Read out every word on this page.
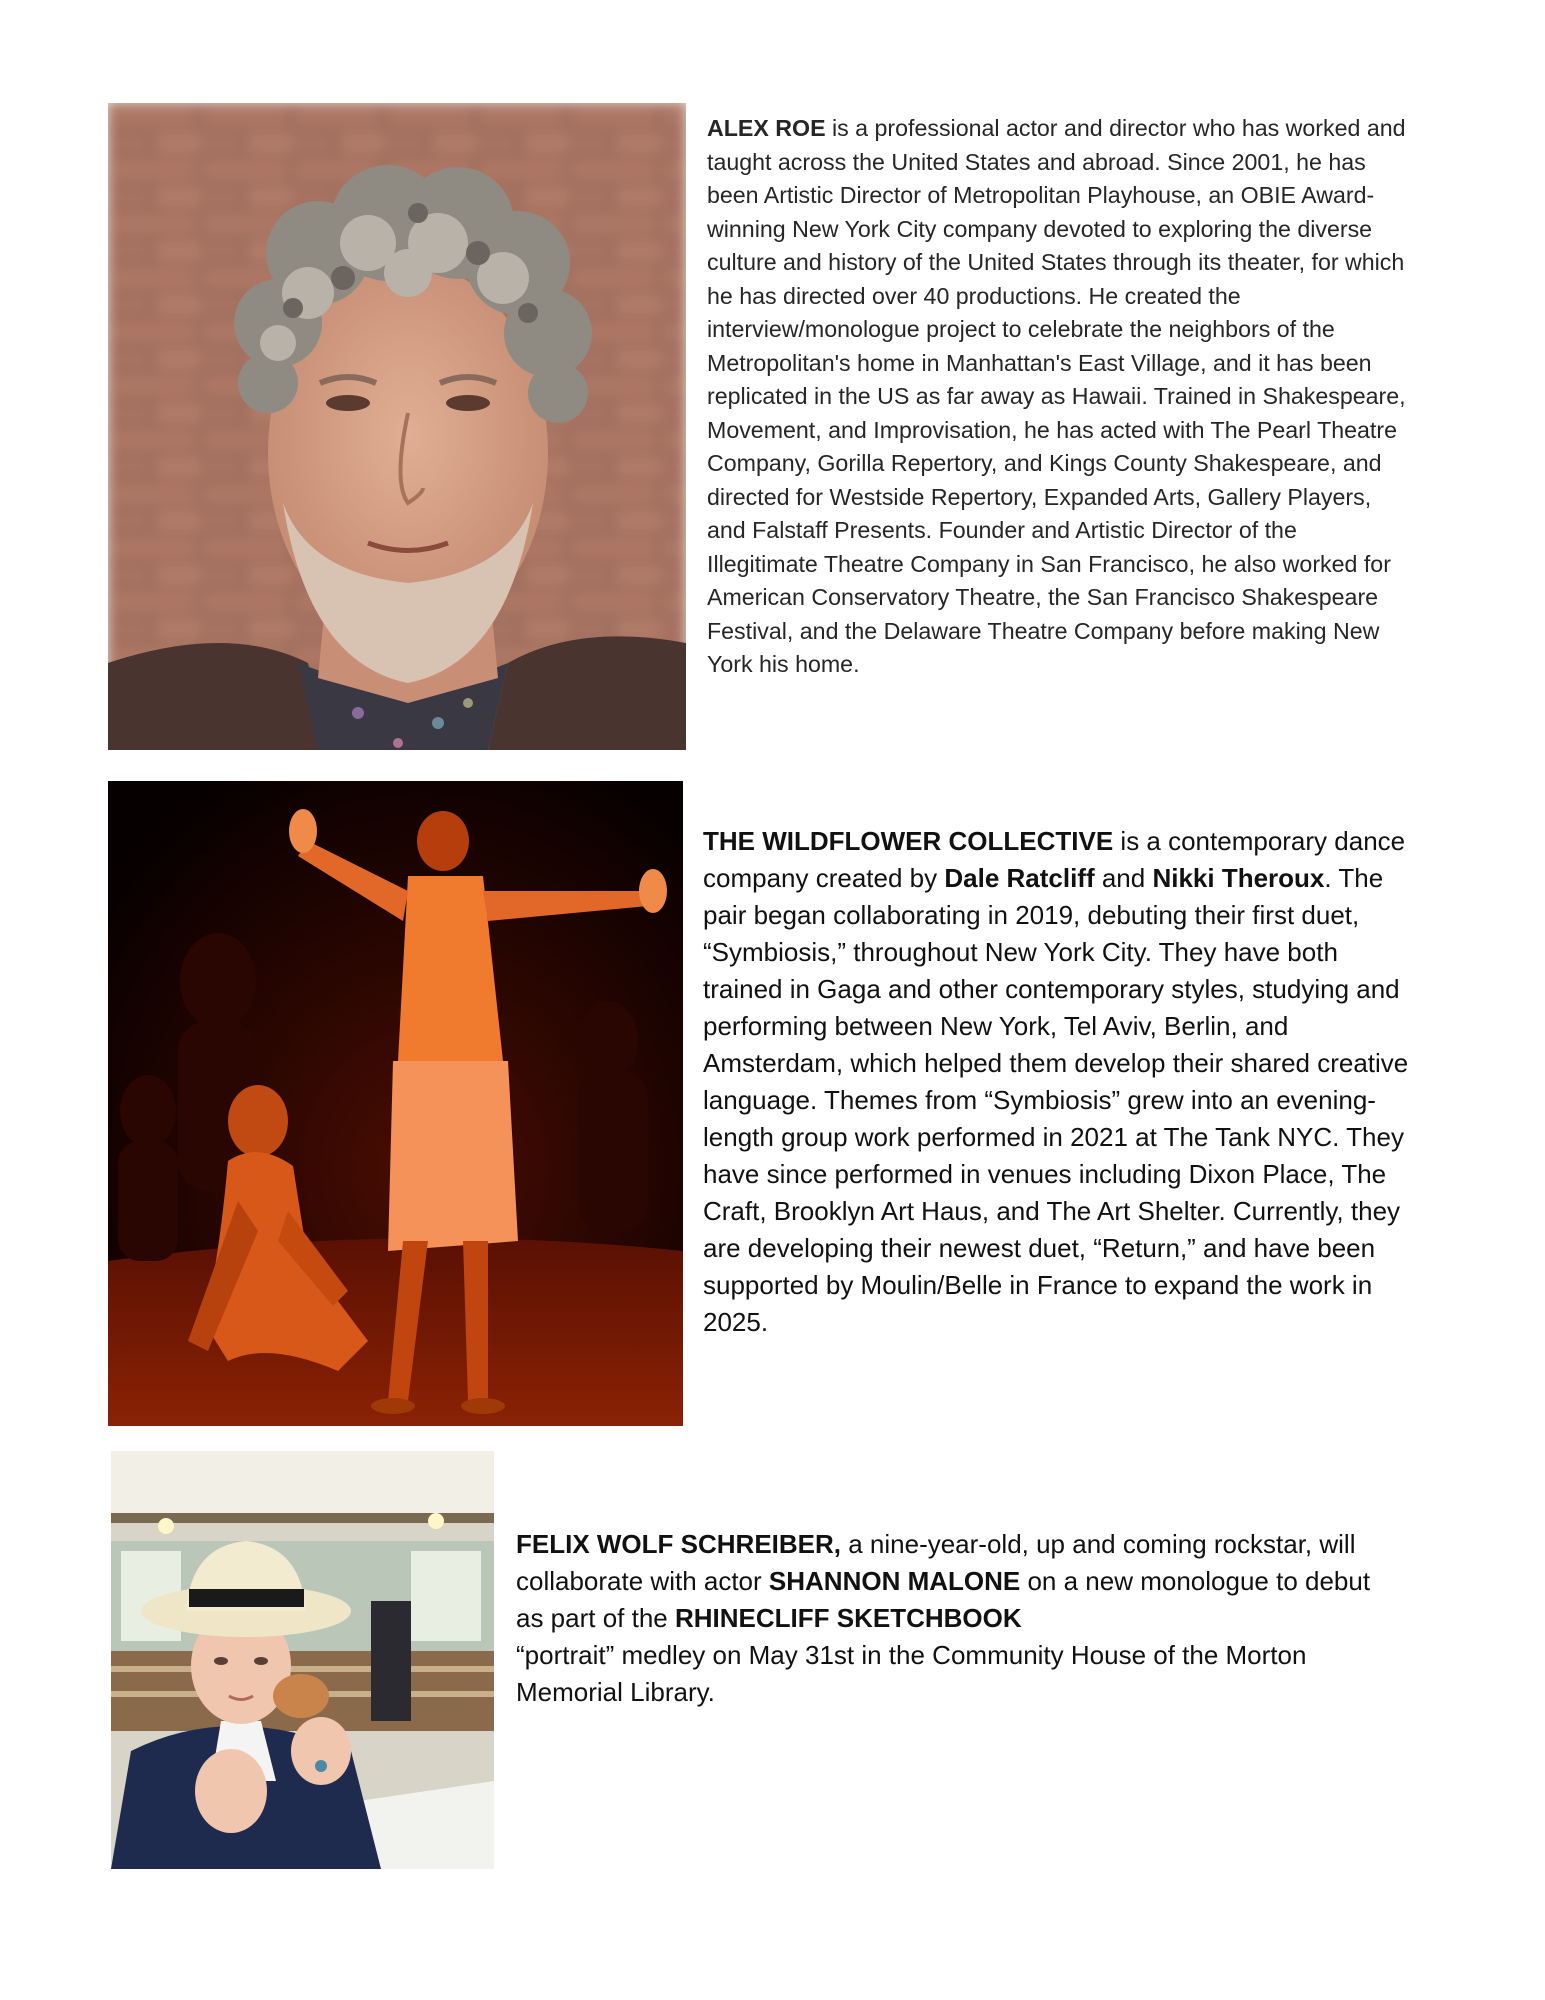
ALEX ROE is a professional actor and director who has worked and taught across the United States and abroad. Since 2001, he has been Artistic Director of Metropolitan Playhouse, an OBIE Award-winning New York City company devoted to exploring the diverse culture and history of the United States through its theater, for which he has directed over 40 productions. He created the interview/monologue project to celebrate the neighbors of the Metropolitan's home in Manhattan's East Village, and it has been replicated in the US as far away as Hawaii. Trained in Shakespeare, Movement, and Improvisation, he has acted with The Pearl Theatre Company, Gorilla Repertory, and Kings County Shakespeare, and directed for Westside Repertory, Expanded Arts, Gallery Players, and Falstaff Presents. Founder and Artistic Director of the Illegitimate Theatre Company in San Francisco, he also worked for American Conservatory Theatre, the San Francisco Shakespeare Festival, and the Delaware Theatre Company before making New York his home.

THE WILDFLOWER COLLECTIVE is a contemporary dance company created by Dale Ratcliff and Nikki Theroux. The pair began collaborating in 2019, debuting their first duet, “Symbiosis,” throughout New York City. They have both trained in Gaga and other contemporary styles, studying and performing between New York, Tel Aviv, Berlin, and Amsterdam, which helped them develop their shared creative language. Themes from “Symbiosis” grew into an evening-length group work performed in 2021 at The Tank NYC. They have since performed in venues including Dixon Place, The Craft, Brooklyn Art Haus, and The Art Shelter. Currently, they are developing their newest duet, “Return,” and have been supported by Moulin/Belle in France to expand the work in 2025.

FELIX WOLF SCHREIBER, a nine-year-old, up and coming rockstar, will collaborate with actor SHANNON MALONE on a new monologue to debut as part of the RHINECLIFF SKETCHBOOK
“portrait” medley on May 31st in the Community House of the Morton Memorial Library.
